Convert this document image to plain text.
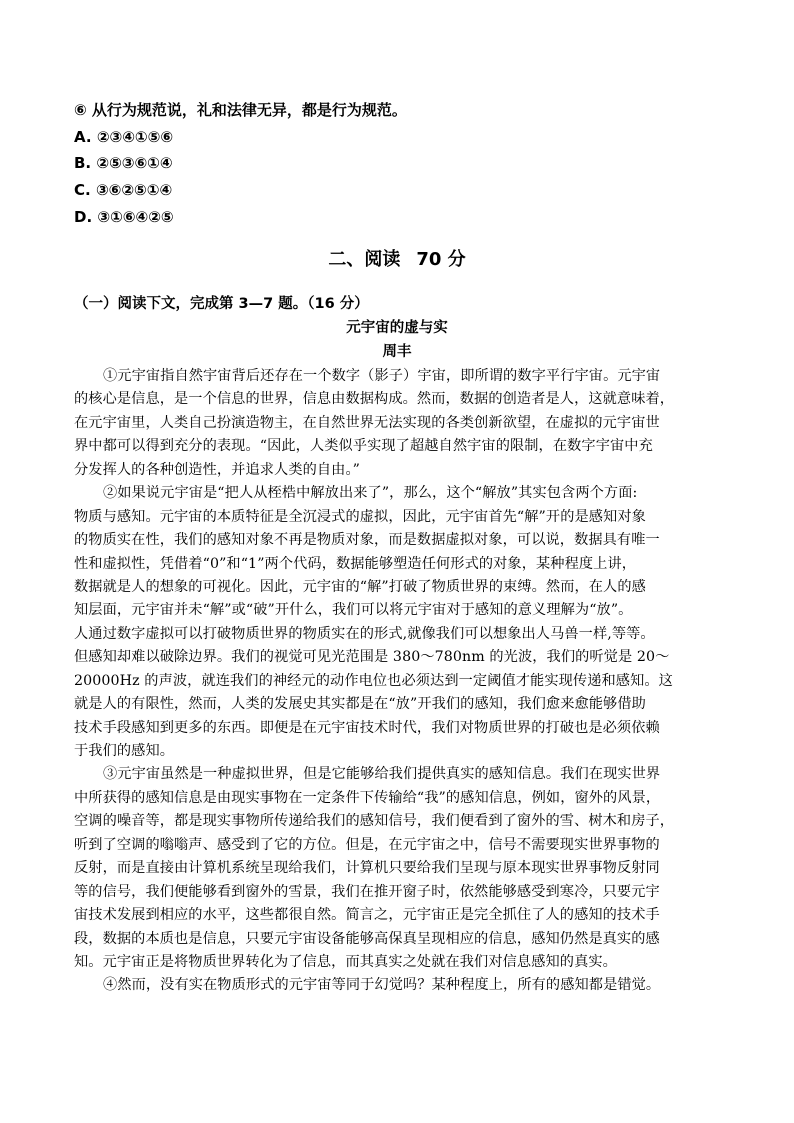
⑥ 从行为规范说，礼和法律无异，都是行为规范。
A. ②③④①⑤⑥
B. ②⑤③⑥①④
C. ③⑥②⑤①④
D. ③①⑥④②⑤
二、阅读 70 分
（一）阅读下文，完成第 3—7 题。（16 分）
元宇宙的虚与实
周丰
①元宇宙指自然宇宙背后还存在一个数字（影子）宇宙，即所谓的数字平行宇宙。元宇宙
的核心是信息，是一个信息的世界，信息由数据构成。然而，数据的创造者是人，这就意味着，
在元宇宙里，人类自己扮演造物主，在自然世界无法实现的各类创新欲望，在虚拟的元宇宙世
界中都可以得到充分的表现。“因此，人类似乎实现了超越自然宇宙的限制，在数字宇宙中充
分发挥人的各种创造性，并追求人类的自由。”
②如果说元宇宙是“把人从桎梏中解放出来了”，那么，这个“解放”其实包含两个方面:
物质与感知。元宇宙的本质特征是全沉浸式的虚拟，因此，元宇宙首先“解”开的是感知对象
的物质实在性，我们的感知对象不再是物质对象，而是数据虚拟对象，可以说，数据具有唯一
性和虚拟性，凭借着“0”和“1”两个代码，数据能够塑造任何形式的对象，某种程度上讲，
数据就是人的想象的可视化。因此，元宇宙的“解”打破了物质世界的束缚。然而，在人的感
知层面，元宇宙并未“解”或“破”开什么，我们可以将元宇宙对于感知的意义理解为“放”。
人通过数字虚拟可以打破物质世界的物质实在的形式,就像我们可以想象出人马兽一样,等等。
但感知却难以破除边界。我们的视觉可见光范围是 380～780nm 的光波，我们的听觉是 20～
20000Hz 的声波，就连我们的神经元的动作电位也必须达到一定阈值才能实现传递和感知。这
就是人的有限性，然而，人类的发展史其实都是在“放”开我们的感知，我们愈来愈能够借助
技术手段感知到更多的东西。即便是在元宇宙技术时代，我们对物质世界的打破也是必须依赖
于我们的感知。
③元宇宙虽然是一种虚拟世界，但是它能够给我们提供真实的感知信息。我们在现实世界
中所获得的感知信息是由现实事物在一定条件下传输给“我”的感知信息，例如，窗外的风景，
空调的噪音等，都是现实事物所传递给我们的感知信号，我们便看到了窗外的雪、树木和房子，
听到了空调的嗡嗡声、感受到了它的方位。但是，在元宇宙之中，信号不需要现实世界事物的
反射，而是直接由计算机系统呈现给我们，计算机只要给我们呈现与原本现实世界事物反射同
等的信号，我们便能够看到窗外的雪景，我们在推开窗子时，依然能够感受到寒冷，只要元宇
宙技术发展到相应的水平，这些都很自然。简言之，元宇宙正是完全抓住了人的感知的技术手
段，数据的本质也是信息，只要元宇宙设备能够高保真呈现相应的信息，感知仍然是真实的感
知。元宇宙正是将物质世界转化为了信息，而其真实之处就在我们对信息感知的真实。
④然而，没有实在物质形式的元宇宙等同于幻觉吗？某种程度上，所有的感知都是错觉。
